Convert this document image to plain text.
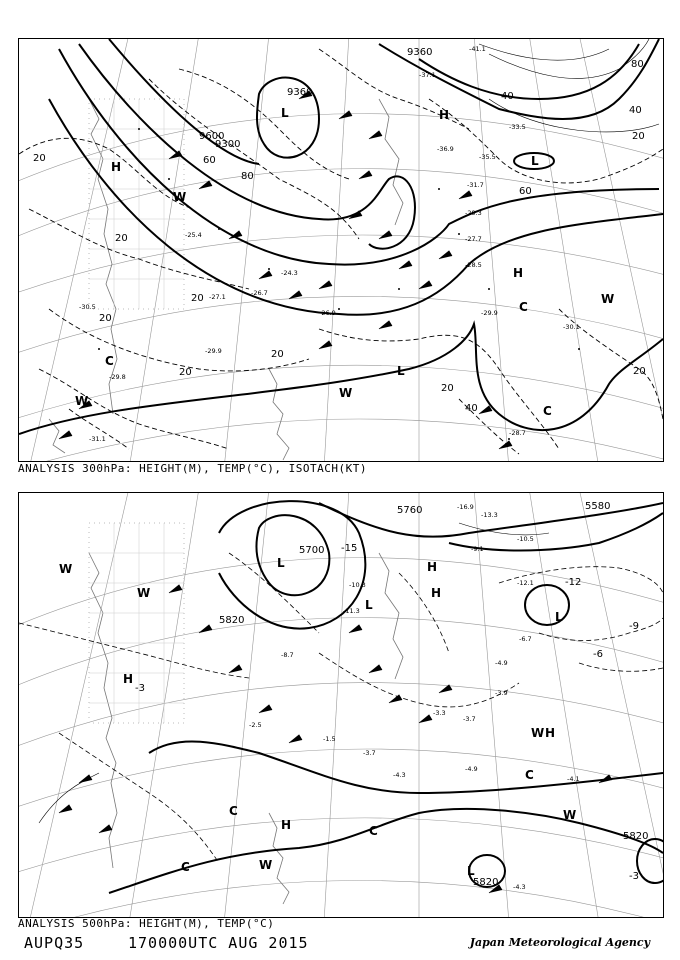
9360
9360
9600
9300
20
20
20
20
20
20
20
20
20
40
40
40
60
60
80
80
H
H
H
L
L
L
C
C
C
W
W
W
W
-36.9
-35.5
-31.7
-29.3
-27.7
-28.5
-29.9
-30.1
-28.7
-26.9
-27.1
-24.3
-26.7
-29.8
-31.1
-29.9
-30.5
-25.4
-41.1
-37.1
-33.5
ANALYSIS 300hPa: HEIGHT(M), TEMP(°C), ISOTACH(KT)
5760
5700
5820
5580
5820
5820
-15
-12
-9
-6
-3
-3
H
H
H
H
H
L
L
L
L
C
C
C
C
W
W
W
W
W
-16.9
-10.5
-10.3	-12.1
-4.9
-3.9
-3.7
-4.3
-4.9
-4.1
-4.3
-1.5
-3.3
-2.5
-9.1
-6.7
-3.7
-13.3
-11.3
-8.7
ANALYSIS 500hPa: HEIGHT(M), TEMP(°C)
AUPQ35	170000UTC AUG 2015	Japan Meteorological Agency
